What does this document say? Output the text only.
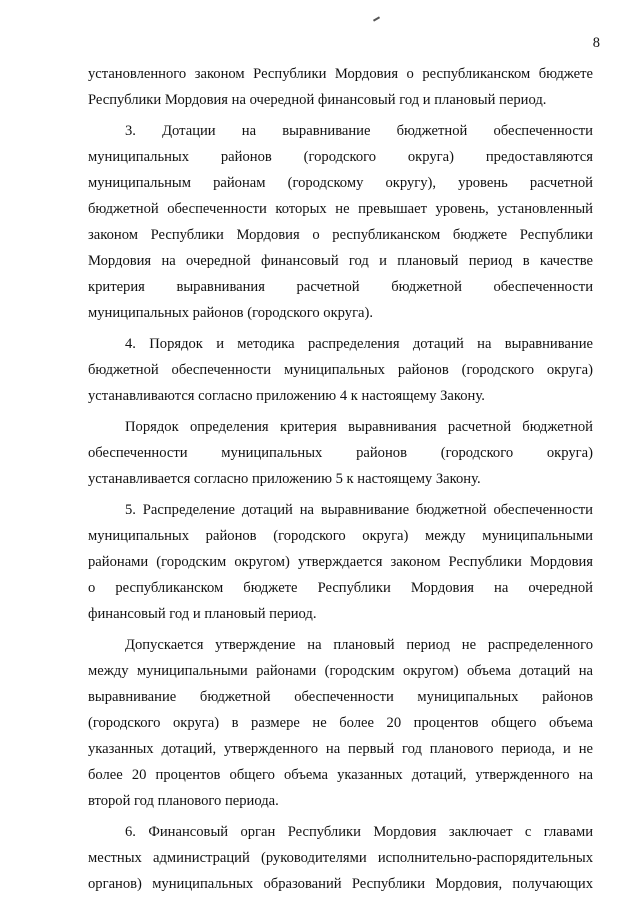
8
установленного законом Республики Мордовия о республиканском бюджете
Республики Мордовия на очередной финансовый год и плановый период.
3. Дотации на выравнивание бюджетной обеспеченности
муниципальных районов (городского округа) предоставляются
муниципальным районам (городскому округу), уровень расчетной
бюджетной обеспеченности которых не превышает уровень, установленный
законом Республики Мордовия о республиканском бюджете Республики
Мордовия на очередной финансовый год и плановый период в качестве
критерия выравнивания расчетной бюджетной обеспеченности
муниципальных районов (городского округа).
4. Порядок и методика распределения дотаций на выравнивание
бюджетной обеспеченности муниципальных районов (городского округа)
устанавливаются согласно приложению 4 к настоящему Закону.
Порядок определения критерия выравнивания расчетной бюджетной
обеспеченности муниципальных районов (городского округа)
устанавливается согласно приложению 5 к настоящему Закону.
5. Распределение дотаций на выравнивание бюджетной обеспеченности
муниципальных районов (городского округа) между муниципальными
районами (городским округом) утверждается законом Республики Мордовия
о республиканском бюджете Республики Мордовия на очередной
финансовый год и плановый период.
Допускается утверждение на плановый период не распределенного
между муниципальными районами (городским округом) объема дотаций на
выравнивание бюджетной обеспеченности муниципальных районов
(городского округа) в размере не более 20 процентов общего объема
указанных дотаций, утвержденного на первый год планового периода, и не
более 20 процентов общего объема указанных дотаций, утвержденного на
второй год планового периода.
6. Финансовый орган Республики Мордовия заключает с главами
местных администраций (руководителями исполнительно-распорядительных
органов) муниципальных образований Республики Мордовия, получающих
